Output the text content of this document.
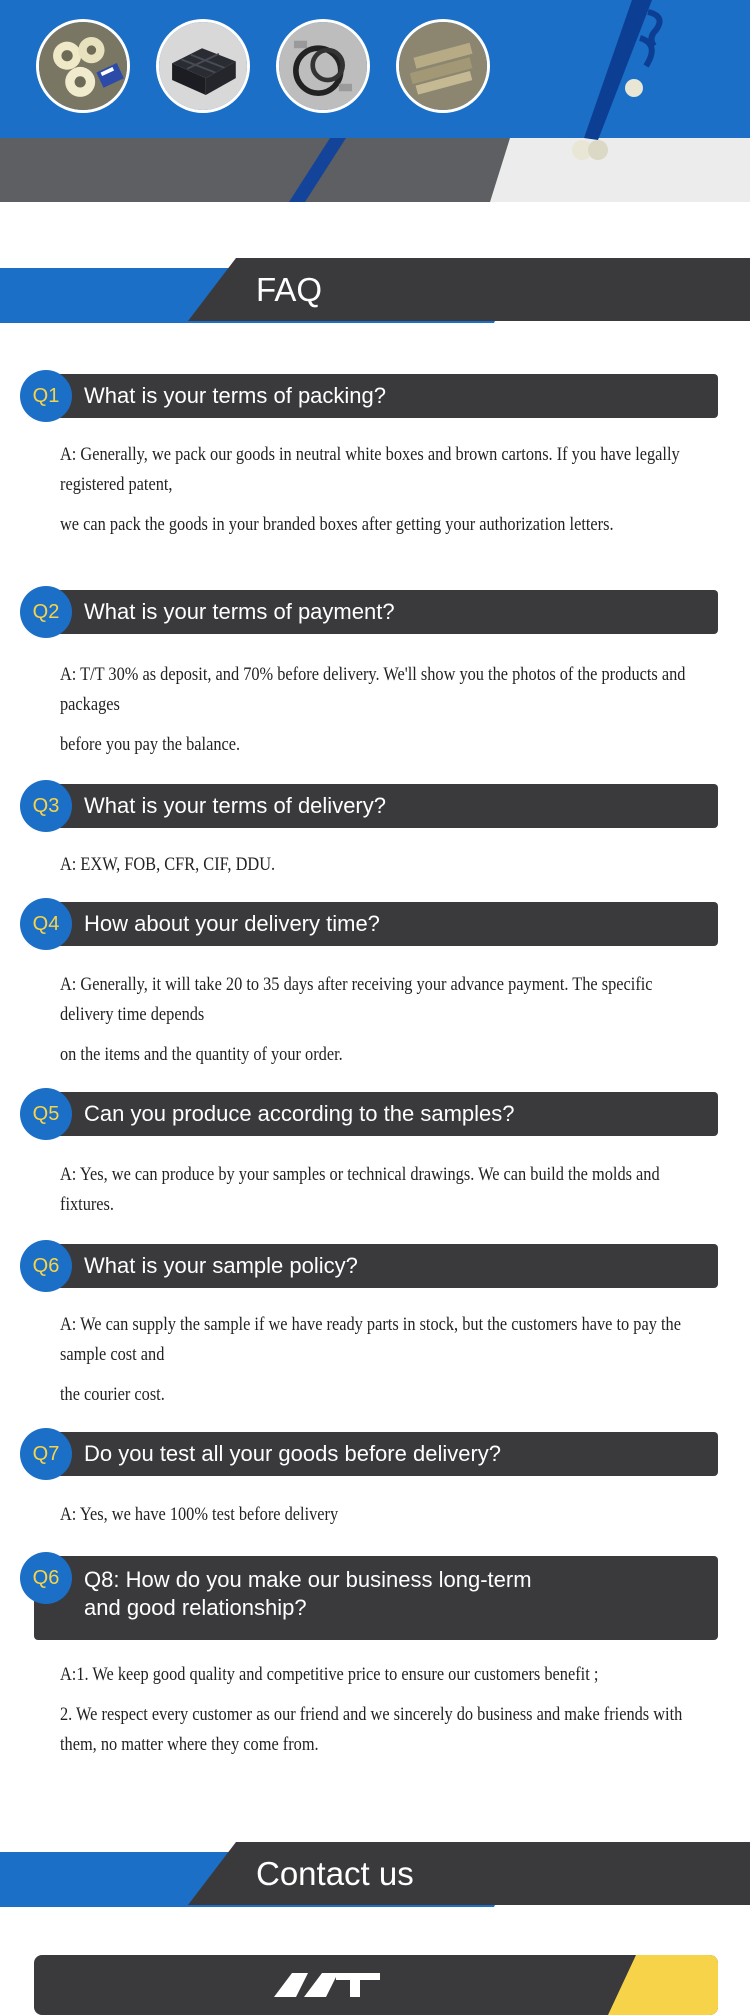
FAQ
Q1	What is your terms of packing?

A: Generally, we pack our goods in neutral white boxes and brown cartons. If you have legally registered patent,

we can pack the goods in your branded boxes after getting your authorization letters.

Q2	What is your terms of payment?

A: T/T 30% as deposit, and 70% before delivery. We'll show you the photos of the products and packages

before you pay the balance.

Q3	What is your terms of delivery?

A: EXW, FOB, CFR, CIF, DDU.

Q4	How about your delivery time?

A: Generally, it will take 20 to 35 days after receiving your advance payment. The specific delivery time depends

on the items and the quantity of your order.

Q5	Can you produce according to the samples?

A: Yes, we can produce by your samples or technical drawings. We can build the molds and fixtures.

Q6	What is your sample policy?

A: We can supply the sample if we have ready parts in stock, but the customers have to pay the sample cost and

the courier cost.

Q7	Do you test all your goods before delivery?

A: Yes, we have 100% test before delivery

Q6	Q8: How do you make our business long-term
and good relationship?

A:1. We keep good quality and competitive price to ensure our customers benefit ;

2. We respect every customer as our friend and we sincerely do business and make friends with them, no matter where they come from.

Contact us
